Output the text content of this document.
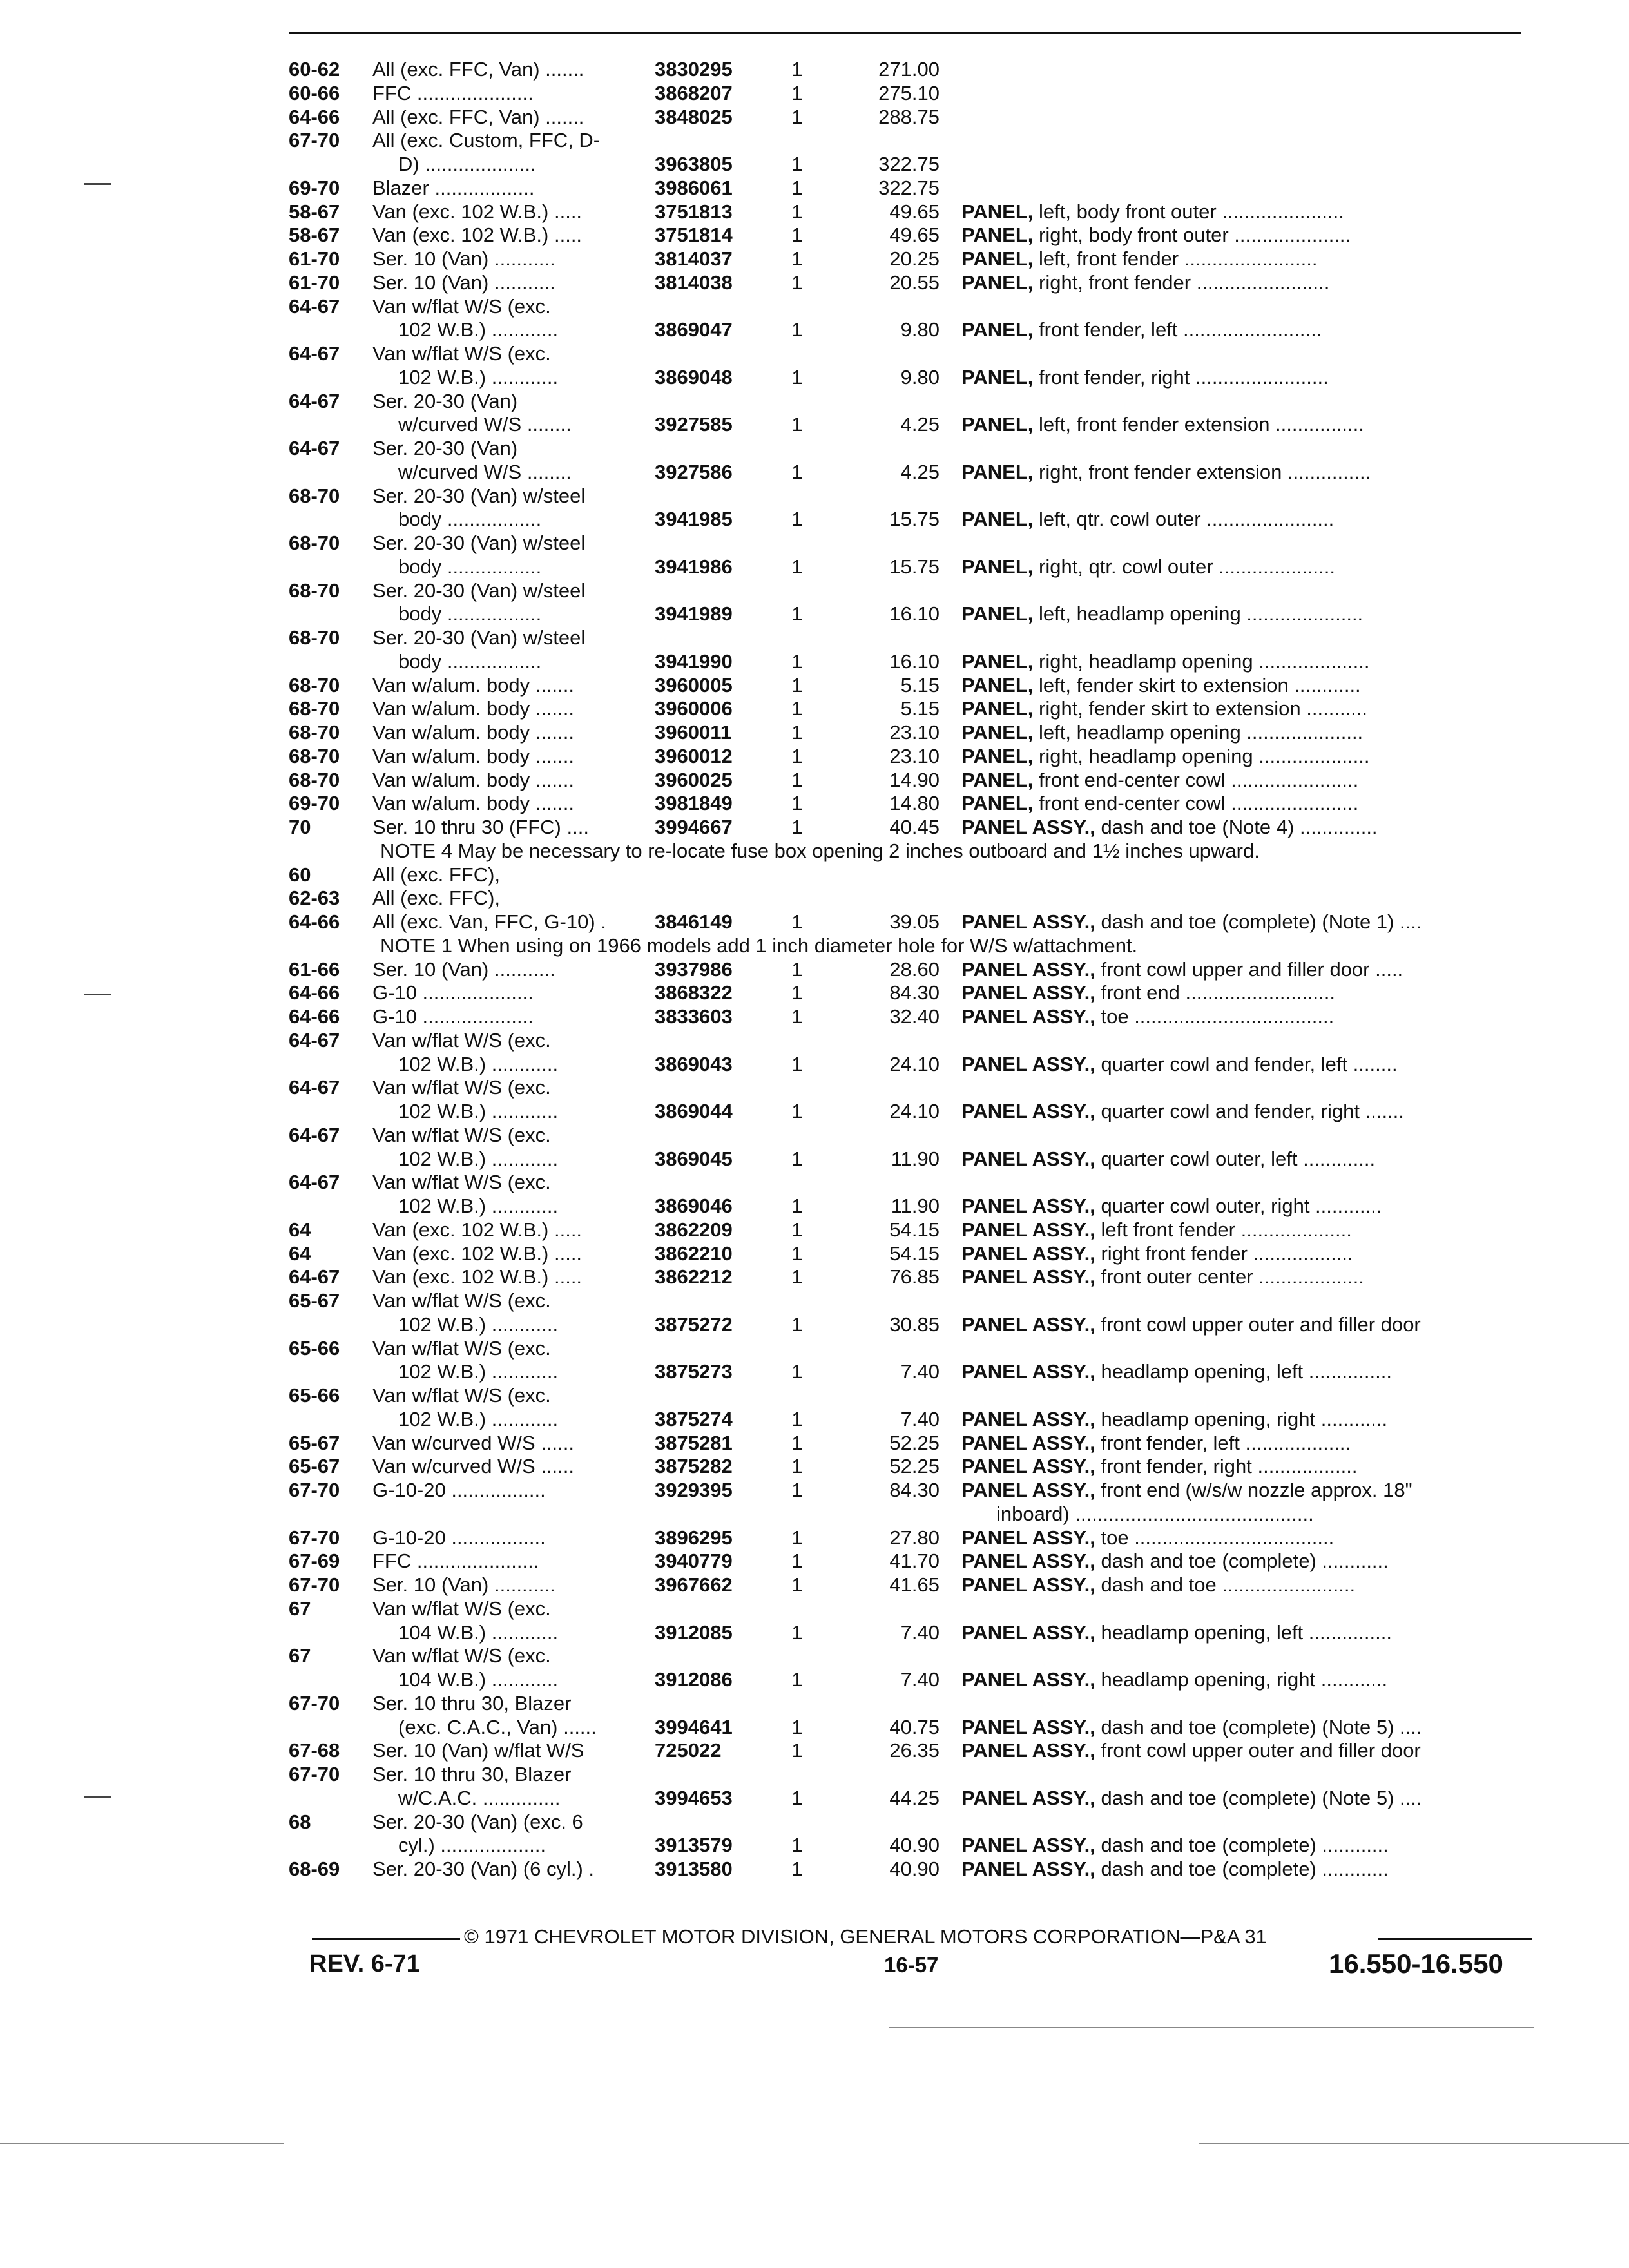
60-62 All (exc. FFC, Van) .......	3830295	1	271.00
60-66 FFC .....................	3868207	1	275.10
64-66 All (exc. FFC, Van) .......	3848025	1	288.75
67-70 All (exc. Custom, FFC, D-
D) ....................	3963805	1	322.75
69-70 Blazer ..................	3986061	1	322.75
58-67 Van (exc. 102 W.B.) .....	3751813	1	49.65 PANEL, left, body front outer ......................
58-67 Van (exc. 102 W.B.) .....	3751814	1	49.65 PANEL, right, body front outer .....................
61-70 Ser. 10 (Van) ...........	3814037	1	20.25 PANEL, left, front fender ........................
61-70 Ser. 10 (Van) ...........	3814038	1	20.55 PANEL, right, front fender ........................
64-67 Van w/flat W/S (exc.
102 W.B.) ............	3869047	1	9.80 PANEL, front fender, left .........................
64-67 Van w/flat W/S (exc.
102 W.B.) ............	3869048	1	9.80 PANEL, front fender, right ........................
64-67 Ser. 20-30 (Van)
w/curved W/S ........	3927585	1	4.25 PANEL, left, front fender extension ................
64-67 Ser. 20-30 (Van)
w/curved W/S ........	3927586	1	4.25 PANEL, right, front fender extension ...............
68-70 Ser. 20-30 (Van) w/steel
body .................	3941985	1	15.75 PANEL, left, qtr. cowl outer .......................
68-70 Ser. 20-30 (Van) w/steel
body .................	3941986	1	15.75 PANEL, right, qtr. cowl outer .....................
68-70 Ser. 20-30 (Van) w/steel
body .................	3941989	1	16.10 PANEL, left, headlamp opening .....................
68-70 Ser. 20-30 (Van) w/steel
body .................	3941990	1	16.10 PANEL, right, headlamp opening ....................
68-70 Van w/alum. body .......	3960005	1	5.15 PANEL, left, fender skirt to extension ............
68-70 Van w/alum. body .......	3960006	1	5.15 PANEL, right, fender skirt to extension ...........
68-70 Van w/alum. body .......	3960011	1	23.10 PANEL, left, headlamp opening .....................
68-70 Van w/alum. body .......	3960012	1	23.10 PANEL, right, headlamp opening ....................
68-70 Van w/alum. body .......	3960025	1	14.90 PANEL, front end-center cowl .......................
69-70 Van w/alum. body .......	3981849	1	14.80 PANEL, front end-center cowl .......................
70	Ser. 10 thru 30 (FFC) ....	3994667	1	40.45 PANEL ASSY., dash and toe (Note 4) ..............
NOTE 4 May be necessary to re-locate fuse box opening 2 inches outboard and 1½ inches upward.
60	All (exc. FFC),
62-63 All (exc. FFC),
64-66 All (exc. Van, FFC, G-10) .	3846149	1	39.05 PANEL ASSY., dash and toe (complete) (Note 1) ....
NOTE 1 When using on 1966 models add 1 inch diameter hole for W/S w/attachment.
61-66 Ser. 10 (Van) ...........	3937986	1	28.60 PANEL ASSY., front cowl upper and filler door .....
64-66 G-10 ....................	3868322	1	84.30 PANEL ASSY., front end ...........................
64-66 G-10 ....................	3833603	1	32.40 PANEL ASSY., toe ....................................
64-67 Van w/flat W/S (exc.
102 W.B.) ............	3869043	1	24.10 PANEL ASSY., quarter cowl and fender, left ........
64-67 Van w/flat W/S (exc.
102 W.B.) ............	3869044	1	24.10 PANEL ASSY., quarter cowl and fender, right .......
64-67 Van w/flat W/S (exc.
102 W.B.) ............	3869045	1	11.90 PANEL ASSY., quarter cowl outer, left .............
64-67 Van w/flat W/S (exc.
102 W.B.) ............	3869046	1	11.90 PANEL ASSY., quarter cowl outer, right ............
64	Van (exc. 102 W.B.) .....	3862209	1	54.15 PANEL ASSY., left front fender ....................
64	Van (exc. 102 W.B.) .....	3862210	1	54.15 PANEL ASSY., right front fender ..................
64-67 Van (exc. 102 W.B.) .....	3862212	1	76.85 PANEL ASSY., front outer center ...................
65-67 Van w/flat W/S (exc.
102 W.B.) ............	3875272	1	30.85 PANEL ASSY., front cowl upper outer and filler door
65-66 Van w/flat W/S (exc.
102 W.B.) ............	3875273	1	7.40 PANEL ASSY., headlamp opening, left ...............
65-66 Van w/flat W/S (exc.
102 W.B.) ............	3875274	1	7.40 PANEL ASSY., headlamp opening, right ............
65-67 Van w/curved W/S ......	3875281	1	52.25 PANEL ASSY., front fender, left ...................
65-67 Van w/curved W/S ......	3875282	1	52.25 PANEL ASSY., front fender, right ..................
67-70 G-10-20 .................	3929395	1	84.30 PANEL ASSY., front end (w/s/w nozzle approx. 18"
inboard) ...........................................
67-70 G-10-20 .................	3896295	1	27.80 PANEL ASSY., toe ....................................
67-69 FFC ......................	3940779	1	41.70 PANEL ASSY., dash and toe (complete) ............
67-70 Ser. 10 (Van) ...........	3967662	1	41.65 PANEL ASSY., dash and toe ........................
67	Van w/flat W/S (exc.
104 W.B.) ............	3912085	1	7.40 PANEL ASSY., headlamp opening, left ...............
67	Van w/flat W/S (exc.
104 W.B.) ............	3912086	1	7.40 PANEL ASSY., headlamp opening, right ............
67-70 Ser. 10 thru 30, Blazer
(exc. C.A.C., Van) ......	3994641	1	40.75 PANEL ASSY., dash and toe (complete) (Note 5) ....
67-68 Ser. 10 (Van) w/flat W/S	725022	1	26.35 PANEL ASSY., front cowl upper outer and filler door
67-70 Ser. 10 thru 30, Blazer
w/C.A.C. ..............	3994653	1	44.25 PANEL ASSY., dash and toe (complete) (Note 5) ....
68	Ser. 20-30 (Van) (exc. 6
cyl.) ...................	3913579	1	40.90 PANEL ASSY., dash and toe (complete) ............
68-69 Ser. 20-30 (Van) (6 cyl.) .	3913580	1	40.90 PANEL ASSY., dash and toe (complete) ............
© 1971 CHEVROLET MOTOR DIVISION, GENERAL MOTORS CORPORATION—P&A 31
REV. 6-71	16-57	16.550-16.550
